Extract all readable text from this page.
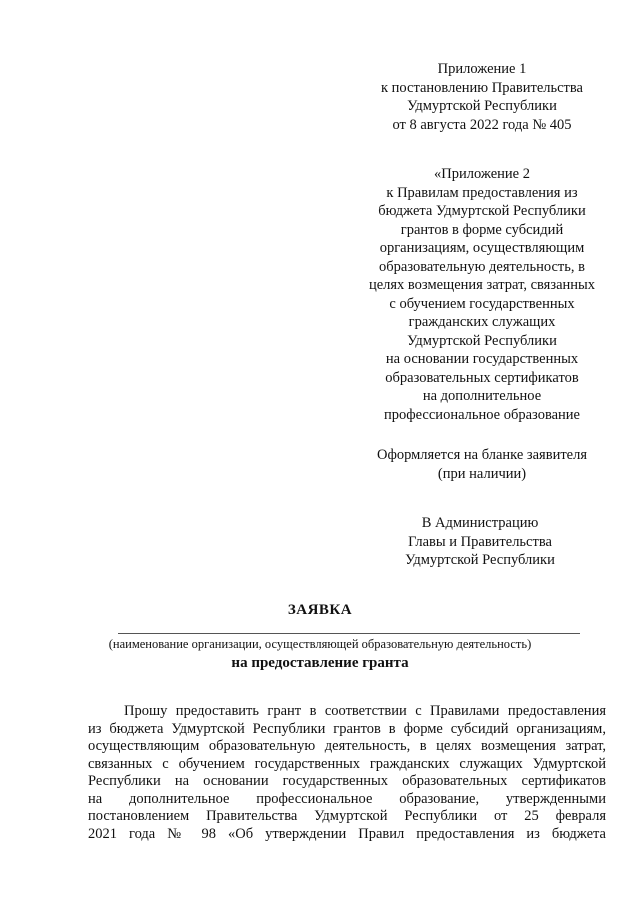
Приложение 1
к постановлению Правительства
Удмуртской Республики
от 8 августа 2022 года № 405
«Приложение 2
к Правилам предоставления из
бюджета Удмуртской Республики
грантов в форме субсидий
организациям, осуществляющим
образовательную деятельность, в
целях возмещения затрат, связанных
с обучением государственных
гражданских служащих
Удмуртской Республики
на основании государственных
образовательных сертификатов
на дополнительное
профессиональное образование
Оформляется на бланке заявителя
(при наличии)
В Администрацию
Главы и Правительства
Удмуртской Республики
ЗАЯВКА
(наименование организации, осуществляющей образовательную деятельность)
на предоставление гранта
Прошу предоставить грант в соответствии с Правилами предоставления
из бюджета Удмуртской Республики грантов в форме субсидий организациям,
осуществляющим образовательную деятельность, в целях возмещения затрат,
связанных с обучением государственных гражданских служащих Удмуртской
Республики на основании государственных образовательных сертификатов
на дополнительное профессиональное образование, утвержденными
постановлением Правительства Удмуртской Республики от 25 февраля
2021 года № 98 «Об утверждении Правил предоставления из бюджета
